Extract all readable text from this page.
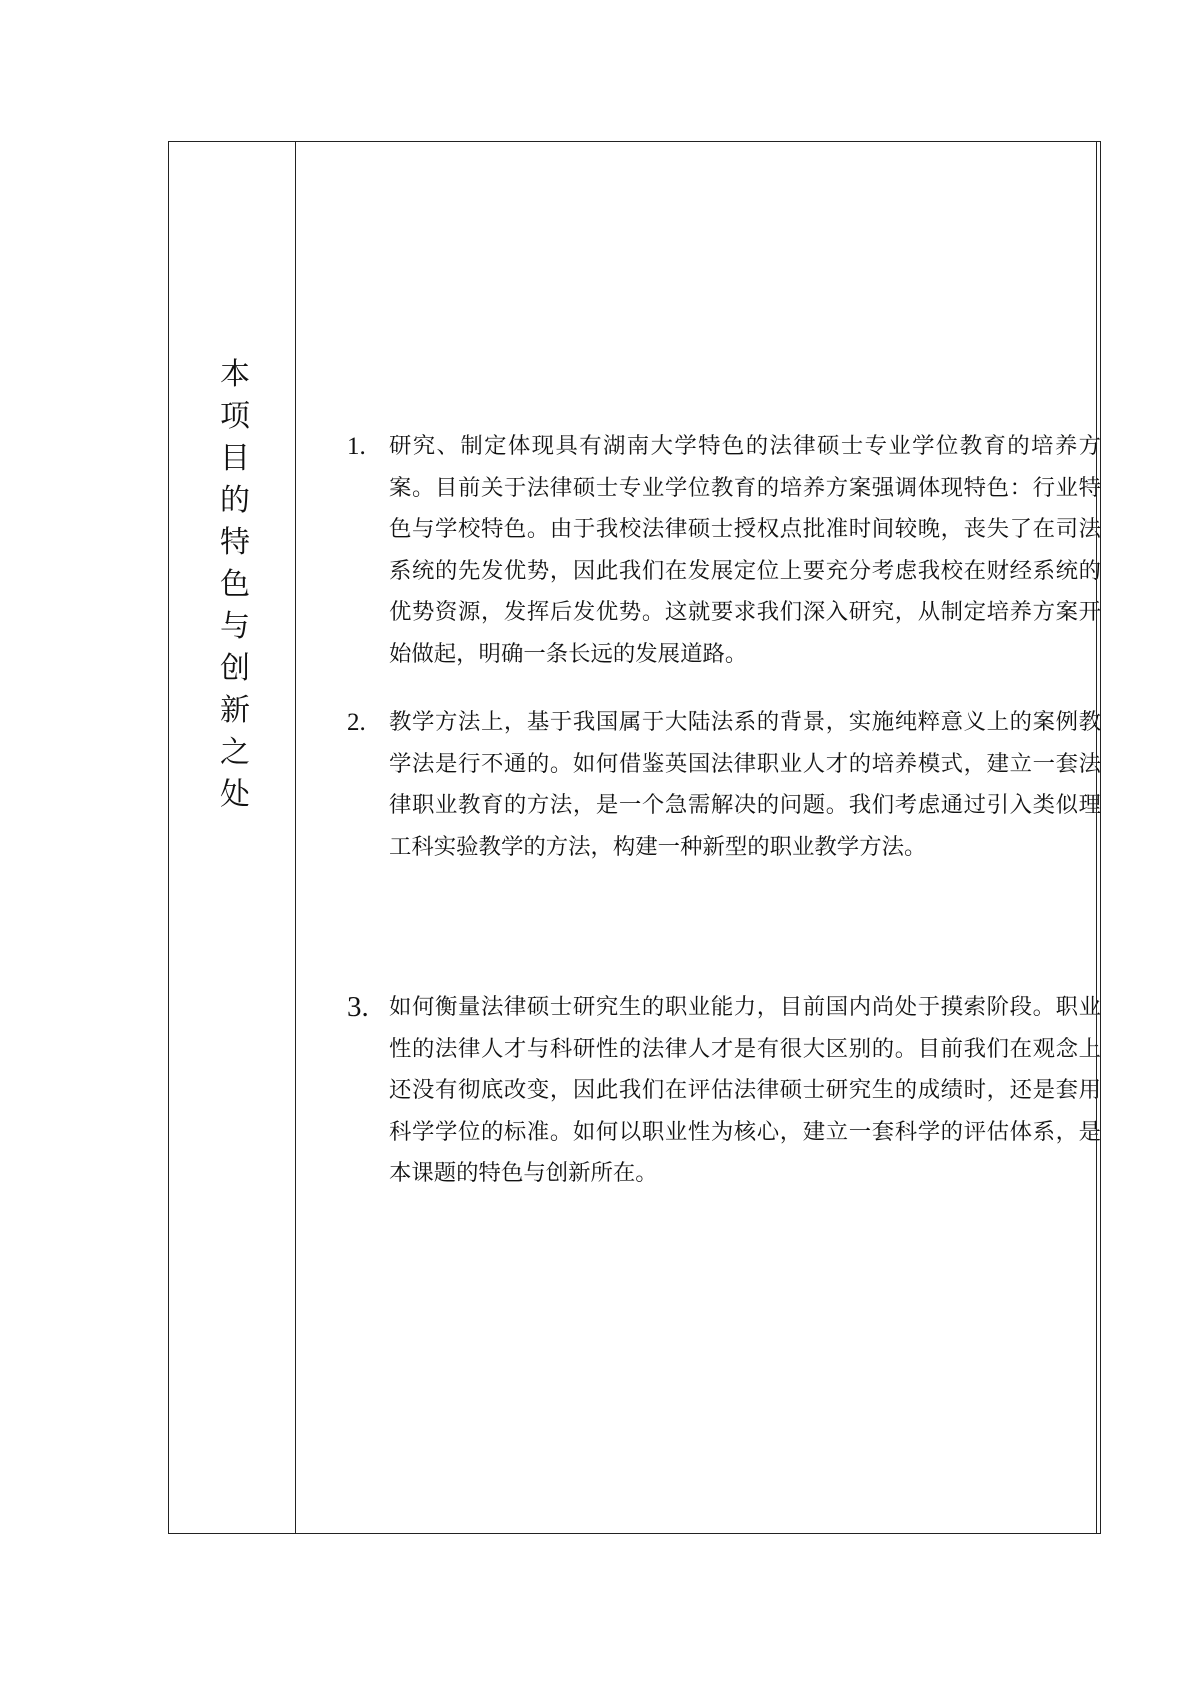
本项目的特色与创新之处
1. 研究、制定体现具有湖南大学特色的法律硕士专业学位教育的培养方案。目前关于法律硕士专业学位教育的培养方案强调体现特色：行业特色与学校特色。由于我校法律硕士授权点批准时间较晚，丧失了在司法系统的先发优势，因此我们在发展定位上要充分考虑我校在财经系统的优势资源，发挥后发优势。这就要求我们深入研究，从制定培养方案开始做起，明确一条长远的发展道路。
2. 教学方法上，基于我国属于大陆法系的背景，实施纯粹意义上的案例教学法是行不通的。如何借鉴英国法律职业人才的培养模式，建立一套法律职业教育的方法，是一个急需解决的问题。我们考虑通过引入类似理工科实验教学的方法，构建一种新型的职业教学方法。
3. 如何衡量法律硕士研究生的职业能力，目前国内尚处于摸索阶段。职业性的法律人才与科研性的法律人才是有很大区别的。目前我们在观念上还没有彻底改变，因此我们在评估法律硕士研究生的成绩时，还是套用科学学位的标准。如何以职业性为核心，建立一套科学的评估体系，是本课题的特色与创新所在。
